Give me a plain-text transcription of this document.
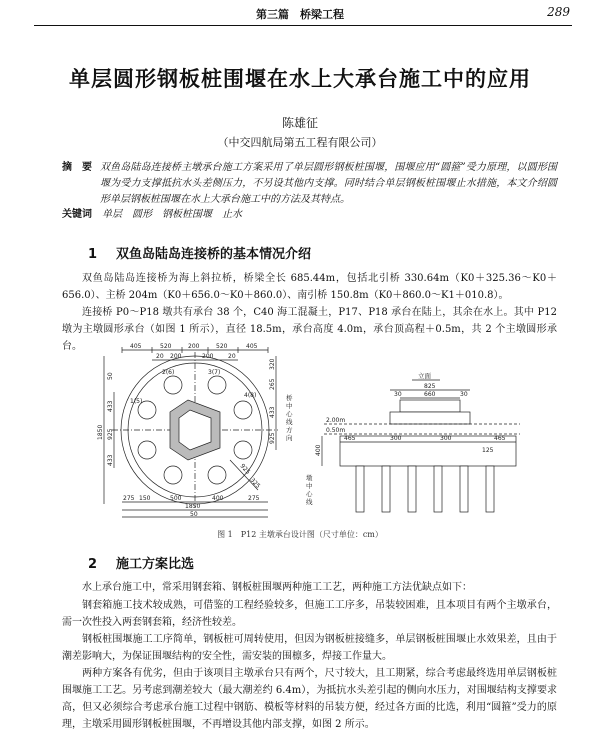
第三篇　桥梁工程	289
单层圆形钢板桩围堰在水上大承台施工中的应用
陈雄征
（中交四航局第五工程有限公司）
摘　要 双鱼岛陆岛连接桥主墩承台施工方案采用了单层圆形钢板桩围堰，围堰应用“圆箍”受力原理，以圆形围堰为受力支撑抵抗水头差侧压力，不另设其他内支撑。同时结合单层钢板桩围堰止水措施，本文介绍圆形单层钢板桩围堰在水上大承台施工中的方法及其特点。
关键词 单层　圆形　钢板桩围堰　止水
1 双鱼岛陆岛连接桥的基本情况介绍
双鱼岛陆岛连接桥为海上斜拉桥，桥梁全长 685.44m，包括北引桥 330.64m（K0＋325.36～K0＋656.0）、主桥 204m（K0＋656.0～K0＋860.0）、南引桥 150.8m（K0＋860.0～K1＋010.8）。
连接桥 P0～P18 墩共有承台 38 个，C40 海工混凝土，P17、P18 承台在陆上，其余在水上。其中 P12 墩为主墩圆形承台（如图 1 所示），直径 18.5m，承台高度 4.0m，承台顶高程＋0.5m，共 2 个主墩圆形承台。	405	520	200	520	405
20 200	200 20
1(5)
2(6)	3(7)
4(8)
1850
50
433
925
433
925
433
265
320
925
325
275 150	500	400	275
1850
50
桥中心线方向
墩中心线
立面
825
660
30	30
2.00m
0.50m
400
465	300	300	465
125
图 1　P12 主墩承台设计图（尺寸单位：cm）
2 施工方案比选
水上承台施工中，常采用钢套箱、钢板桩围堰两种施工工艺，两种施工方法优缺点如下：
钢套箱施工技术较成熟，可借鉴的工程经验较多，但施工工序多，吊装较困难，且本项目有两个主墩承台，需一次性投入两套钢套箱，经济性较差。
钢板桩围堰施工工序简单，钢板桩可周转使用，但因为钢板桩接缝多，单层钢板桩围堰止水效果差，且由于潮差影响大，为保证围堰结构的安全性，需安装的围檩多，焊接工作量大。
两种方案各有优劣，但由于该项目主墩承台只有两个，尺寸较大，且工期紧，综合考虑最终选用单层钢板桩围堰施工工艺。另考虑到潮差较大（最大潮差约 6.4m），为抵抗水头差引起的侧向水压力，对围堰结构支撑要求高，但又必须综合考虑承台施工过程中钢筋、模板等材料的吊装方便，经过各方面的比选，利用“圆箍”受力的原理，主墩采用圆形钢板桩围堰，不再增设其他内部支撑，如图 2 所示。
